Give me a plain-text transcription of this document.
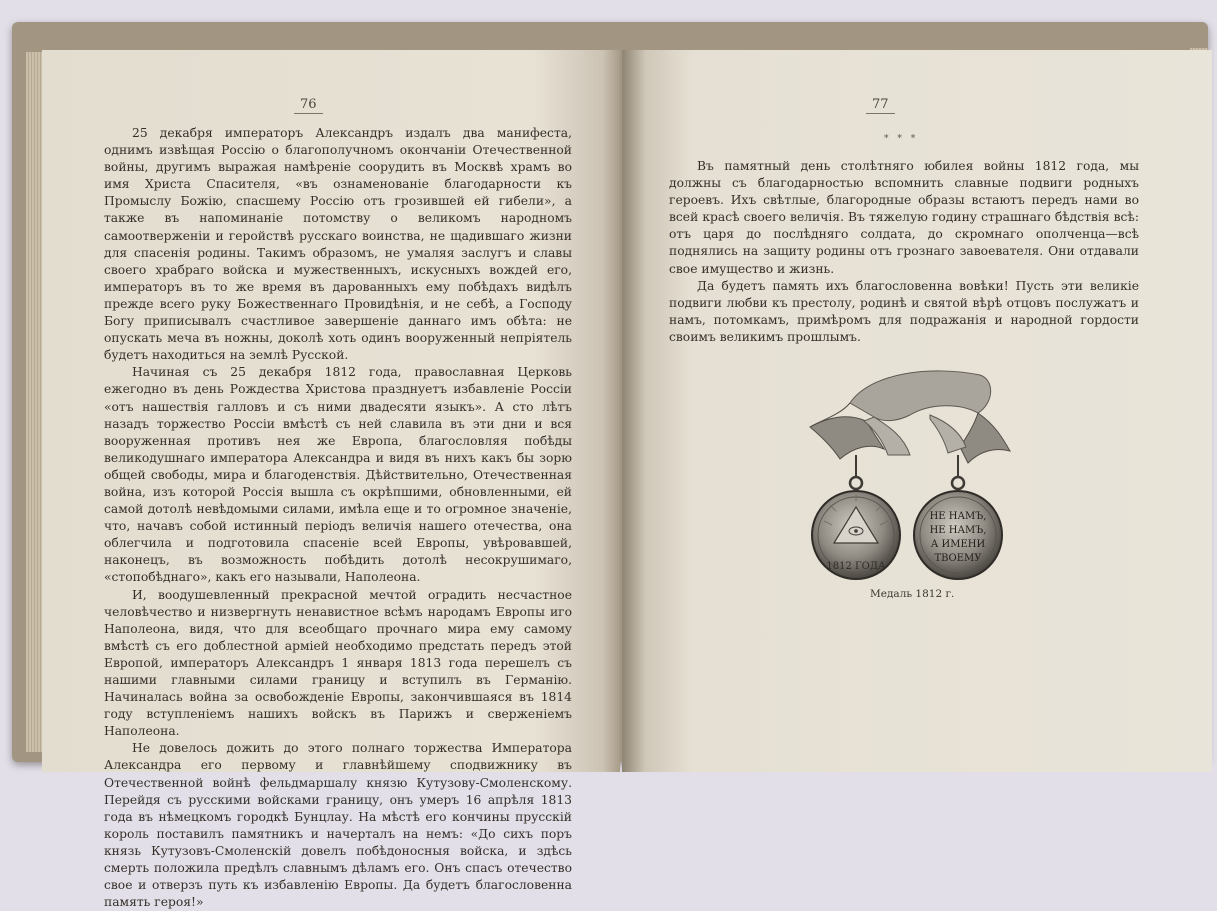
76

25 декабря императоръ Александръ издалъ два манифеста, однимъ извѣщая Россію о благополучномъ окончаніи Отечественной войны, другимъ выражая намѣреніе соорудить въ Москвѣ храмъ во имя Христа Спасителя, «въ ознаменованіе благодарности къ Промыслу Божію, спасшему Россію отъ грозившей ей гибели», а также въ напоминаніе потомству о великомъ народномъ самоотверженіи и геройствѣ русскаго воинства, не щадившаго жизни для спасенія родины. Такимъ образомъ, не умаляя заслугъ и славы своего храбраго войска и мужественныхъ, искусныхъ вождей его, императоръ въ то же время въ дарованныхъ ему побѣдахъ видѣлъ прежде всего руку Божественнаго Провидѣнія, и не себѣ, а Господу Богу приписывалъ счастливое завершеніе даннаго имъ обѣта: не опускать меча въ ножны, доколѣ хоть одинъ вооруженный непріятель будетъ находиться на землѣ Русской.

Начиная съ 25 декабря 1812 года, православная Церковь ежегодно въ день Рождества Христова празднуетъ избавленіе Россіи «отъ нашествія галловъ и съ ними двадесяти языкъ». А сто лѣтъ назадъ торжество Россіи вмѣстѣ съ ней славила въ эти дни и вся вооруженная противъ нея же Европа, благословляя побѣды великодушнаго императора Александра и видя въ нихъ какъ бы зорю общей свободы, мира и благоденствія. Дѣйствительно, Отечественная война, изъ которой Россія вышла съ окрѣпшими, обновленными, ей самой дотолѣ невѣдомыми силами, имѣла еще и то огромное значеніе, что, начавъ собой истинный періодъ величія нашего отечества, она облегчила и подготовила спасеніе всей Европы, увѣровавшей, наконецъ, въ возможность побѣдить дотолѣ несокрушимаго, «стопобѣднаго», какъ его называли, Наполеона.

И, воодушевленный прекрасной мечтой оградить несчастное человѣчество и низвергнуть ненавистное всѣмъ народамъ Европы иго Наполеона, видя, что для всеобщаго прочнаго мира ему самому вмѣстѣ съ его доблестной арміей необходимо предстать передъ этой Европой, императоръ Александръ 1 января 1813 года перешелъ съ нашими главными силами границу и вступилъ въ Германію. Начиналась война за освобожденіе Европы, закончившаяся въ 1814 году вступленіемъ нашихъ войскъ въ Парижъ и сверженіемъ Наполеона.

Не довелось дожить до этого полнаго торжества Императора Александра его первому и главнѣйшему сподвижнику въ Отечественной войнѣ фельдмаршалу князю Кутузову-Смоленскому. Перейдя съ русскими войсками границу, онъ умеръ 16 апрѣля 1813 года въ нѣмецкомъ городкѣ Бунцлау. На мѣстѣ его кончины прусскій король поставилъ памятникъ и начерталъ на немъ: «До сихъ поръ князь Кутузовъ-Смоленскій довелъ побѣдоносныя войска, и здѣсь смерть положила предѣлъ славнымъ дѣламъ его. Онъ спасъ отечество свое и отверзъ путь къ избавленію Европы. Да будетъ благословенна память героя!»

77
* * *

Въ памятный день столѣтняго юбилея войны 1812 года, мы должны съ благодарностью вспомнить славные подвиги родныхъ героевъ. Ихъ свѣтлые, благородные образы встаютъ передъ нами во всей красѣ своего величія. Въ тяжелую годину страшнаго бѣдствія всѣ: отъ царя до послѣдняго солдата, до скромнаго ополченца—всѣ поднялись на защиту родины отъ грознаго завоевателя. Они отдавали свое имущество и жизнь.

Да будетъ память ихъ благословенна вовѣки! Пусть эти великіе подвиги любви къ престолу, родинѣ и святой вѣрѣ отцовъ послужатъ и намъ, потомкамъ, примѣромъ для подражанія и народной гордости своимъ великимъ прошлымъ.

1812 ГОДА
НЕ НАМЪ,
НЕ НАМЪ,
А ИМЕНИ
ТВОЕМУ
Медаль 1812 г.
